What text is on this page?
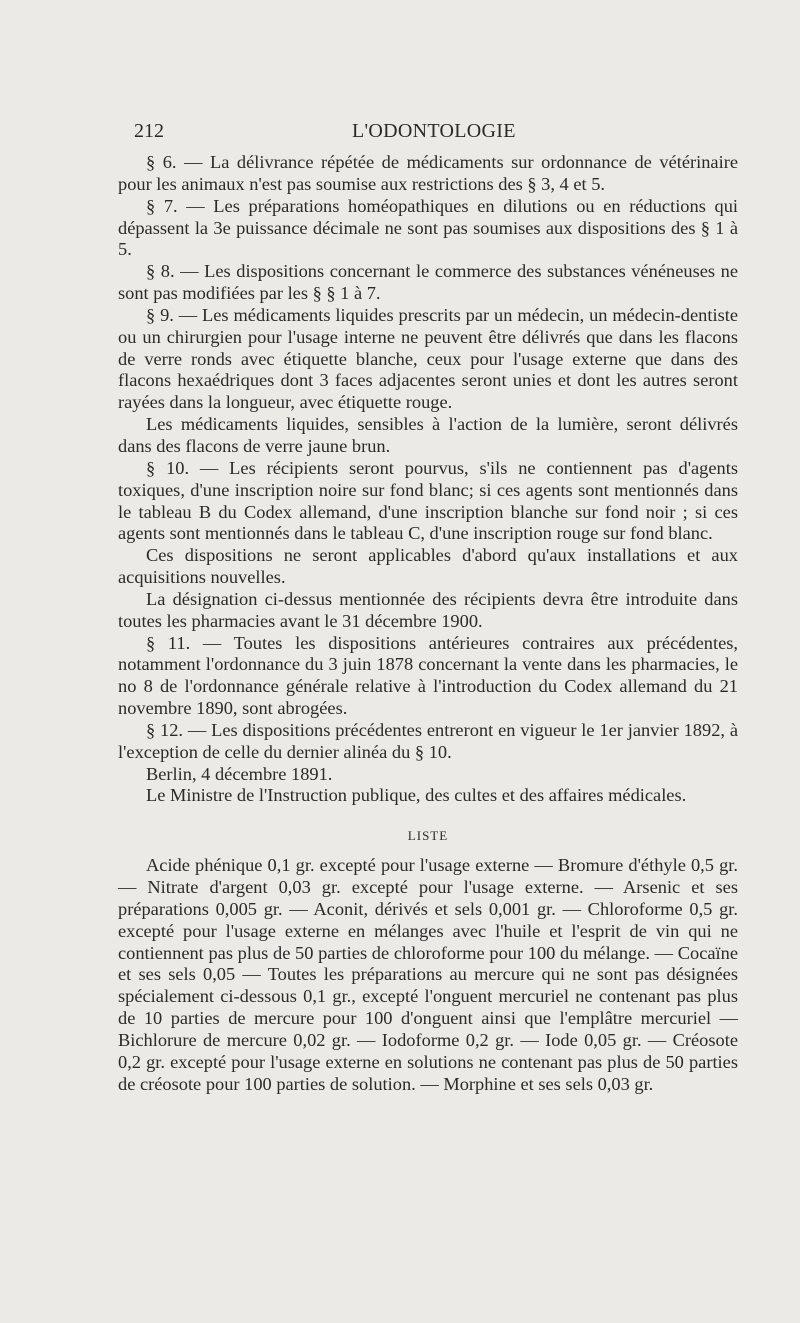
212	L'ODONTOLOGIE

§ 6. — La délivrance répétée de médicaments sur ordonnance de vétérinaire pour les animaux n'est pas soumise aux restrictions des § 3, 4 et 5.

§ 7. — Les préparations homéopathiques en dilutions ou en réductions qui dépassent la 3e puissance décimale ne sont pas soumises aux dispositions des § 1 à 5.

§ 8. — Les dispositions concernant le commerce des substances vénéneuses ne sont pas modifiées par les § § 1 à 7.

§ 9. — Les médicaments liquides prescrits par un médecin, un médecin-dentiste ou un chirurgien pour l'usage interne ne peuvent être délivrés que dans les flacons de verre ronds avec étiquette blanche, ceux pour l'usage externe que dans des flacons hexaédriques dont 3 faces adjacentes seront unies et dont les autres seront rayées dans la longueur, avec étiquette rouge.

Les médicaments liquides, sensibles à l'action de la lumière, seront délivrés dans des flacons de verre jaune brun.

§ 10. — Les récipients seront pourvus, s'ils ne contiennent pas d'agents toxiques, d'une inscription noire sur fond blanc; si ces agents sont mentionnés dans le tableau B du Codex allemand, d'une inscription blanche sur fond noir ; si ces agents sont mentionnés dans le tableau C, d'une inscription rouge sur fond blanc.

Ces dispositions ne seront applicables d'abord qu'aux installations et aux acquisitions nouvelles.

La désignation ci-dessus mentionnée des récipients devra être introduite dans toutes les pharmacies avant le 31 décembre 1900.

§ 11. — Toutes les dispositions antérieures contraires aux précédentes, notamment l'ordonnance du 3 juin 1878 concernant la vente dans les pharmacies, le no 8 de l'ordonnance générale relative à l'introduction du Codex allemand du 21 novembre 1890, sont abrogées.

§ 12. — Les dispositions précédentes entreront en vigueur le 1er janvier 1892, à l'exception de celle du dernier alinéa du § 10.

Berlin, 4 décembre 1891.

Le Ministre de l'Instruction publique, des cultes et des affaires médicales.

LISTE

Acide phénique 0,1 gr. excepté pour l'usage externe — Bromure d'éthyle 0,5 gr. — Nitrate d'argent 0,03 gr. excepté pour l'usage externe. — Arsenic et ses préparations 0,005 gr. — Aconit, dérivés et sels 0,001 gr. — Chloroforme 0,5 gr. excepté pour l'usage externe en mélanges avec l'huile et l'esprit de vin qui ne contiennent pas plus de 50 parties de chloroforme pour 100 du mélange. — Cocaïne et ses sels 0,05 — Toutes les préparations au mercure qui ne sont pas désignées spécialement ci-dessous 0,1 gr., excepté l'onguent mercuriel ne contenant pas plus de 10 parties de mercure pour 100 d'onguent ainsi que l'emplâtre mercuriel — Bichlorure de mercure 0,02 gr. — Iodoforme 0,2 gr. — Iode 0,05 gr. — Créosote 0,2 gr. excepté pour l'usage externe en solutions ne contenant pas plus de 50 parties de créosote pour 100 parties de solution. — Morphine et ses sels 0,03 gr.
